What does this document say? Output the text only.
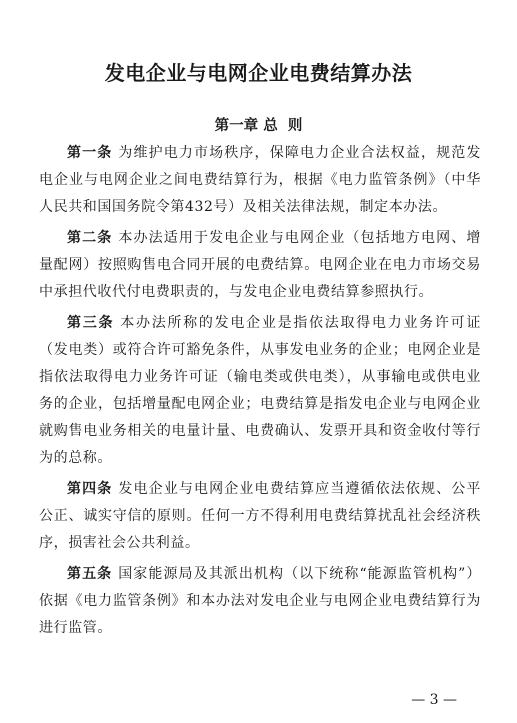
发电企业与电网企业电费结算办法
第一章 总  则

第一条 为维护电力市场秩序，保障电力企业合法权益，规范发电企业与电网企业之间电费结算行为，根据《电力监管条例》（中华人民共和国国务院令第432号）及相关法律法规，制定本办法。

第二条 本办法适用于发电企业与电网企业（包括地方电网、增量配网）按照购售电合同开展的电费结算。电网企业在电力市场交易中承担代收代付电费职责的，与发电企业电费结算参照执行。

第三条 本办法所称的发电企业是指依法取得电力业务许可证（发电类）或符合许可豁免条件，从事发电业务的企业；电网企业是指依法取得电力业务许可证（输电类或供电类），从事输电或供电业务的企业，包括增量配电网企业；电费结算是指发电企业与电网企业就购售电业务相关的电量计量、电费确认、发票开具和资金收付等行为的总称。

第四条 发电企业与电网企业电费结算应当遵循依法依规、公平公正、诚实守信的原则。任何一方不得利用电费结算扰乱社会经济秩序，损害社会公共利益。

第五条 国家能源局及其派出机构（以下统称“能源监管机构”）依据《电力监管条例》和本办法对发电企业与电网企业电费结算行为进行监管。

— 3 —
